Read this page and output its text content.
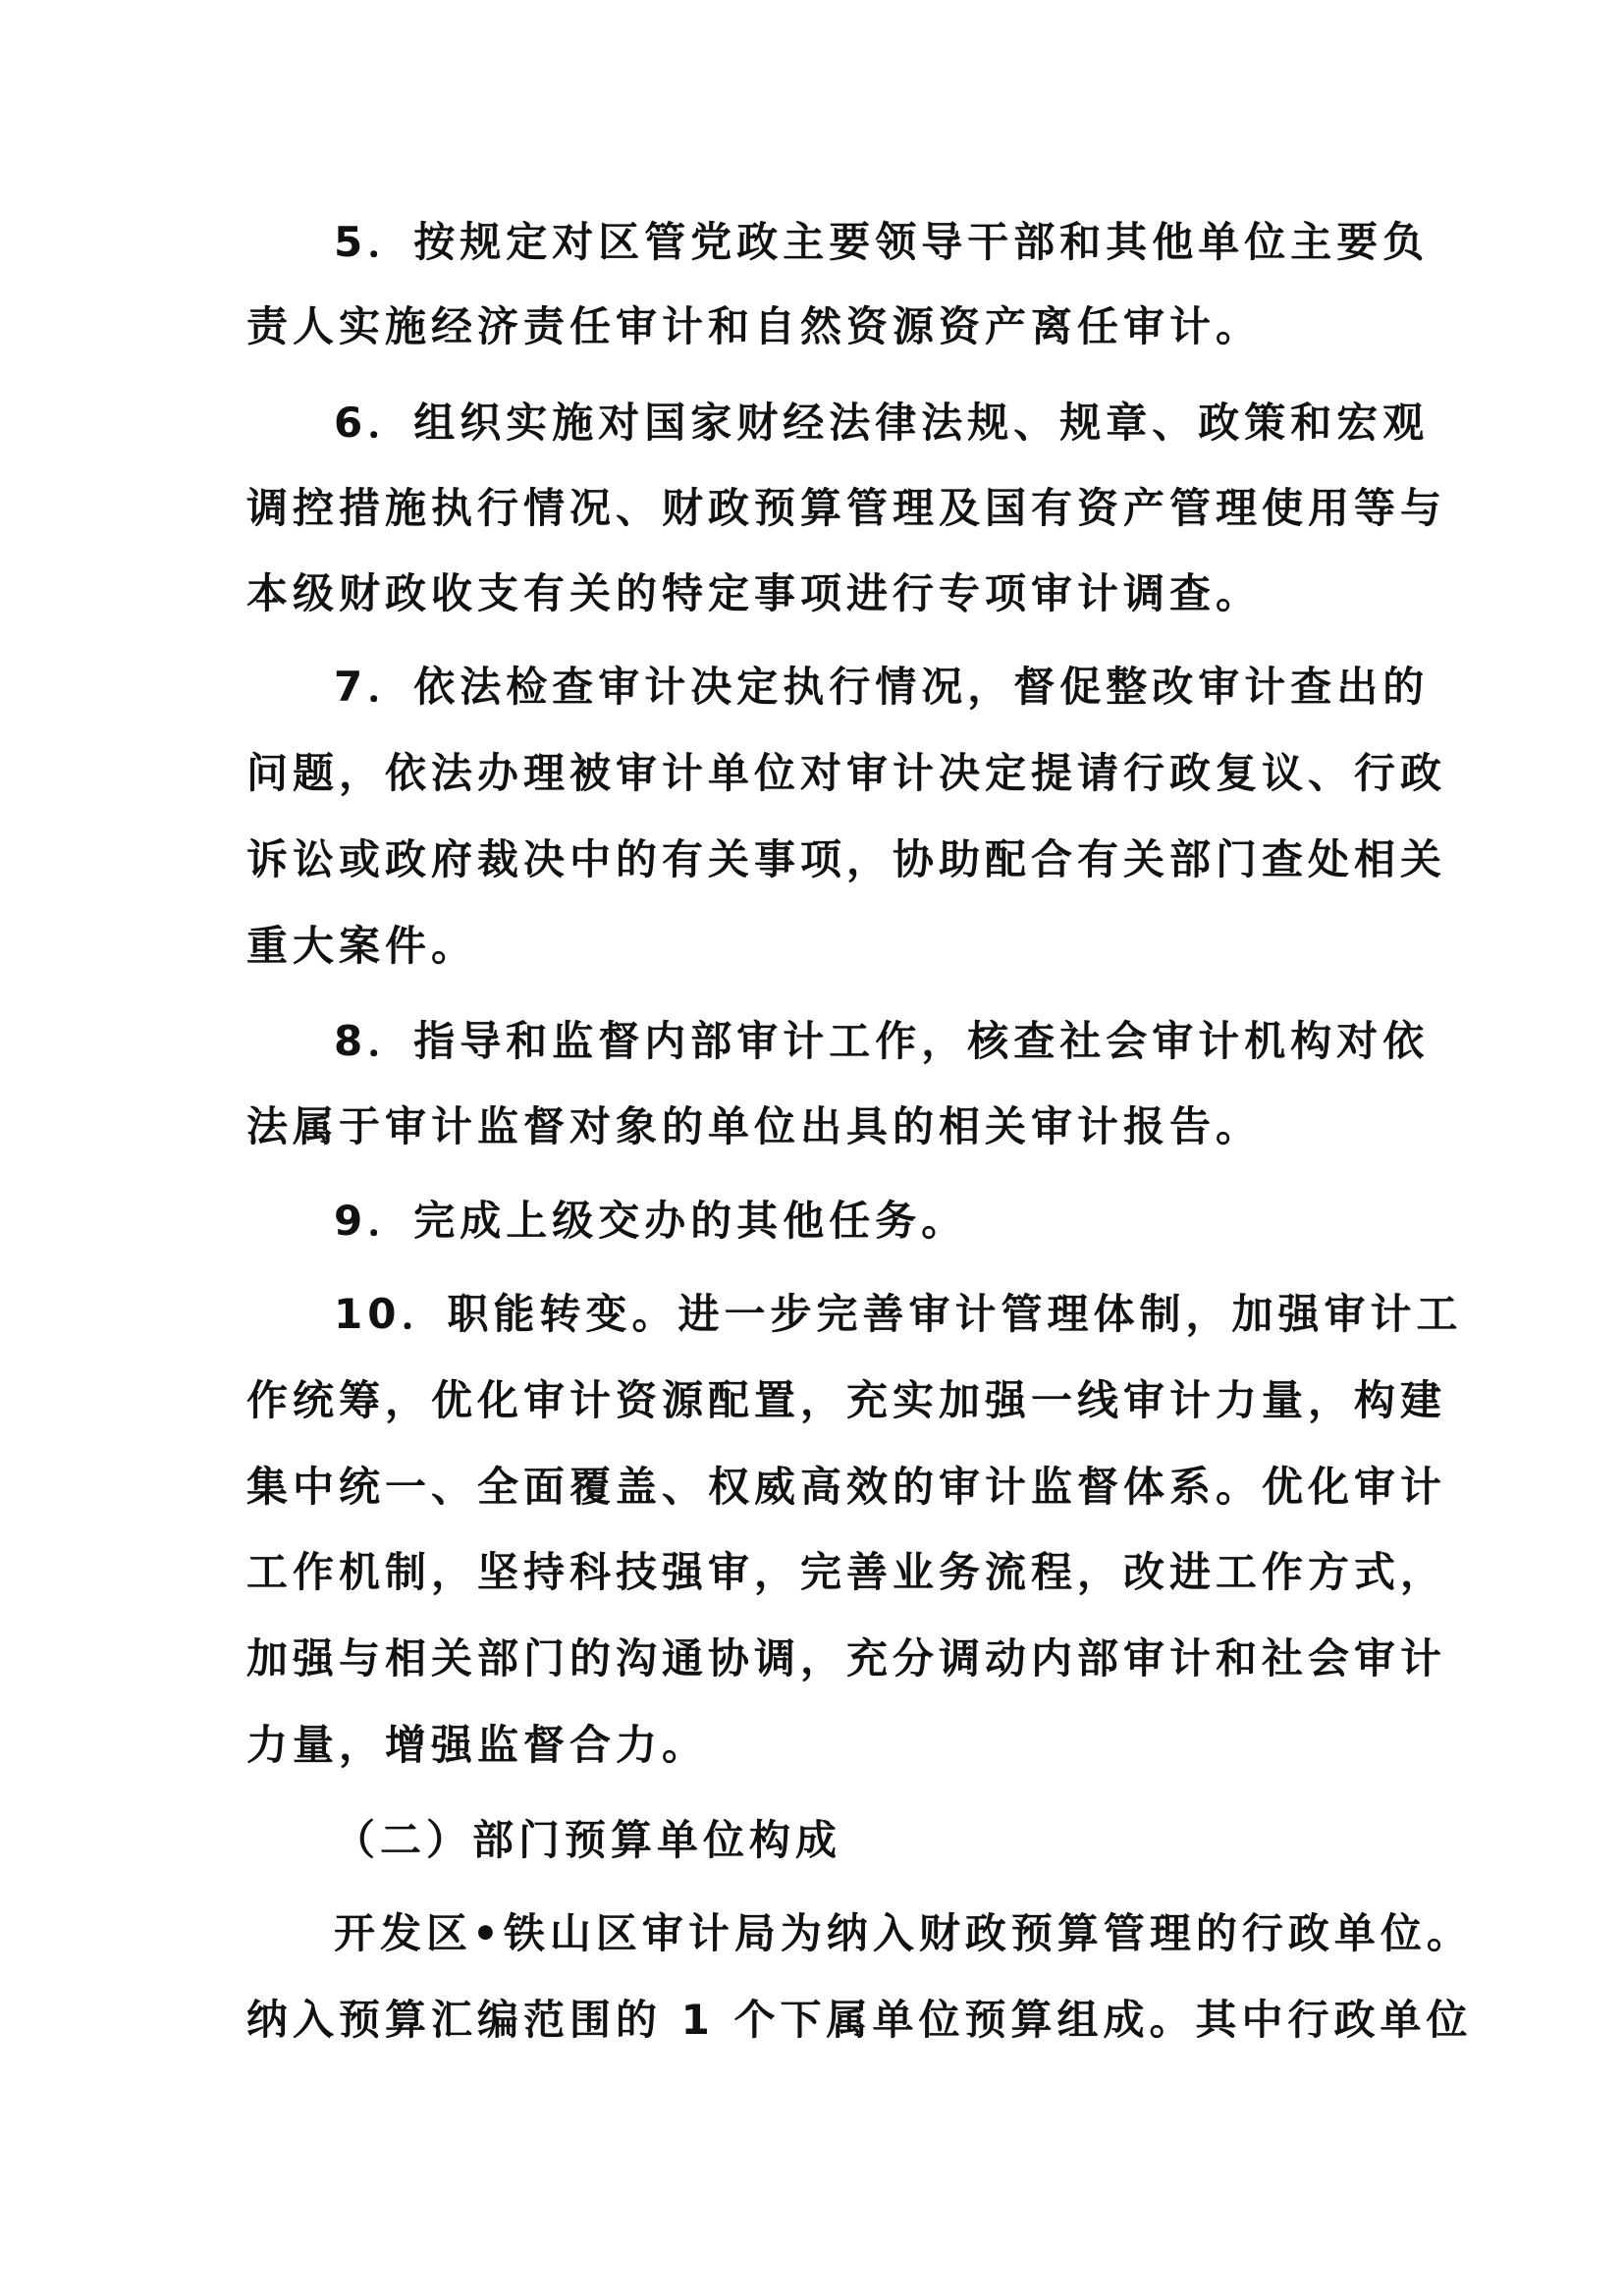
5．按规定对区管党政主要领导干部和其他单位主要负
责人实施经济责任审计和自然资源资产离任审计。
6．组织实施对国家财经法律法规、规章、政策和宏观
调控措施执行情况、财政预算管理及国有资产管理使用等与
本级财政收支有关的特定事项进行专项审计调查。
7．依法检查审计决定执行情况，督促整改审计查出的
问题，依法办理被审计单位对审计决定提请行政复议、行政
诉讼或政府裁决中的有关事项，协助配合有关部门查处相关
重大案件。
8．指导和监督内部审计工作，核查社会审计机构对依
法属于审计监督对象的单位出具的相关审计报告。
9．完成上级交办的其他任务。
10．职能转变。进一步完善审计管理体制，加强审计工
作统筹，优化审计资源配置，充实加强一线审计力量，构建
集中统一、全面覆盖、权威高效的审计监督体系。优化审计
工作机制，坚持科技强审，完善业务流程，改进工作方式，
加强与相关部门的沟通协调，充分调动内部审计和社会审计
力量，增强监督合力。
（二）部门预算单位构成
开发区•铁山区审计局为纳入财政预算管理的行政单位。
纳入预算汇编范围的 1 个下属单位预算组成。其中行政单位
